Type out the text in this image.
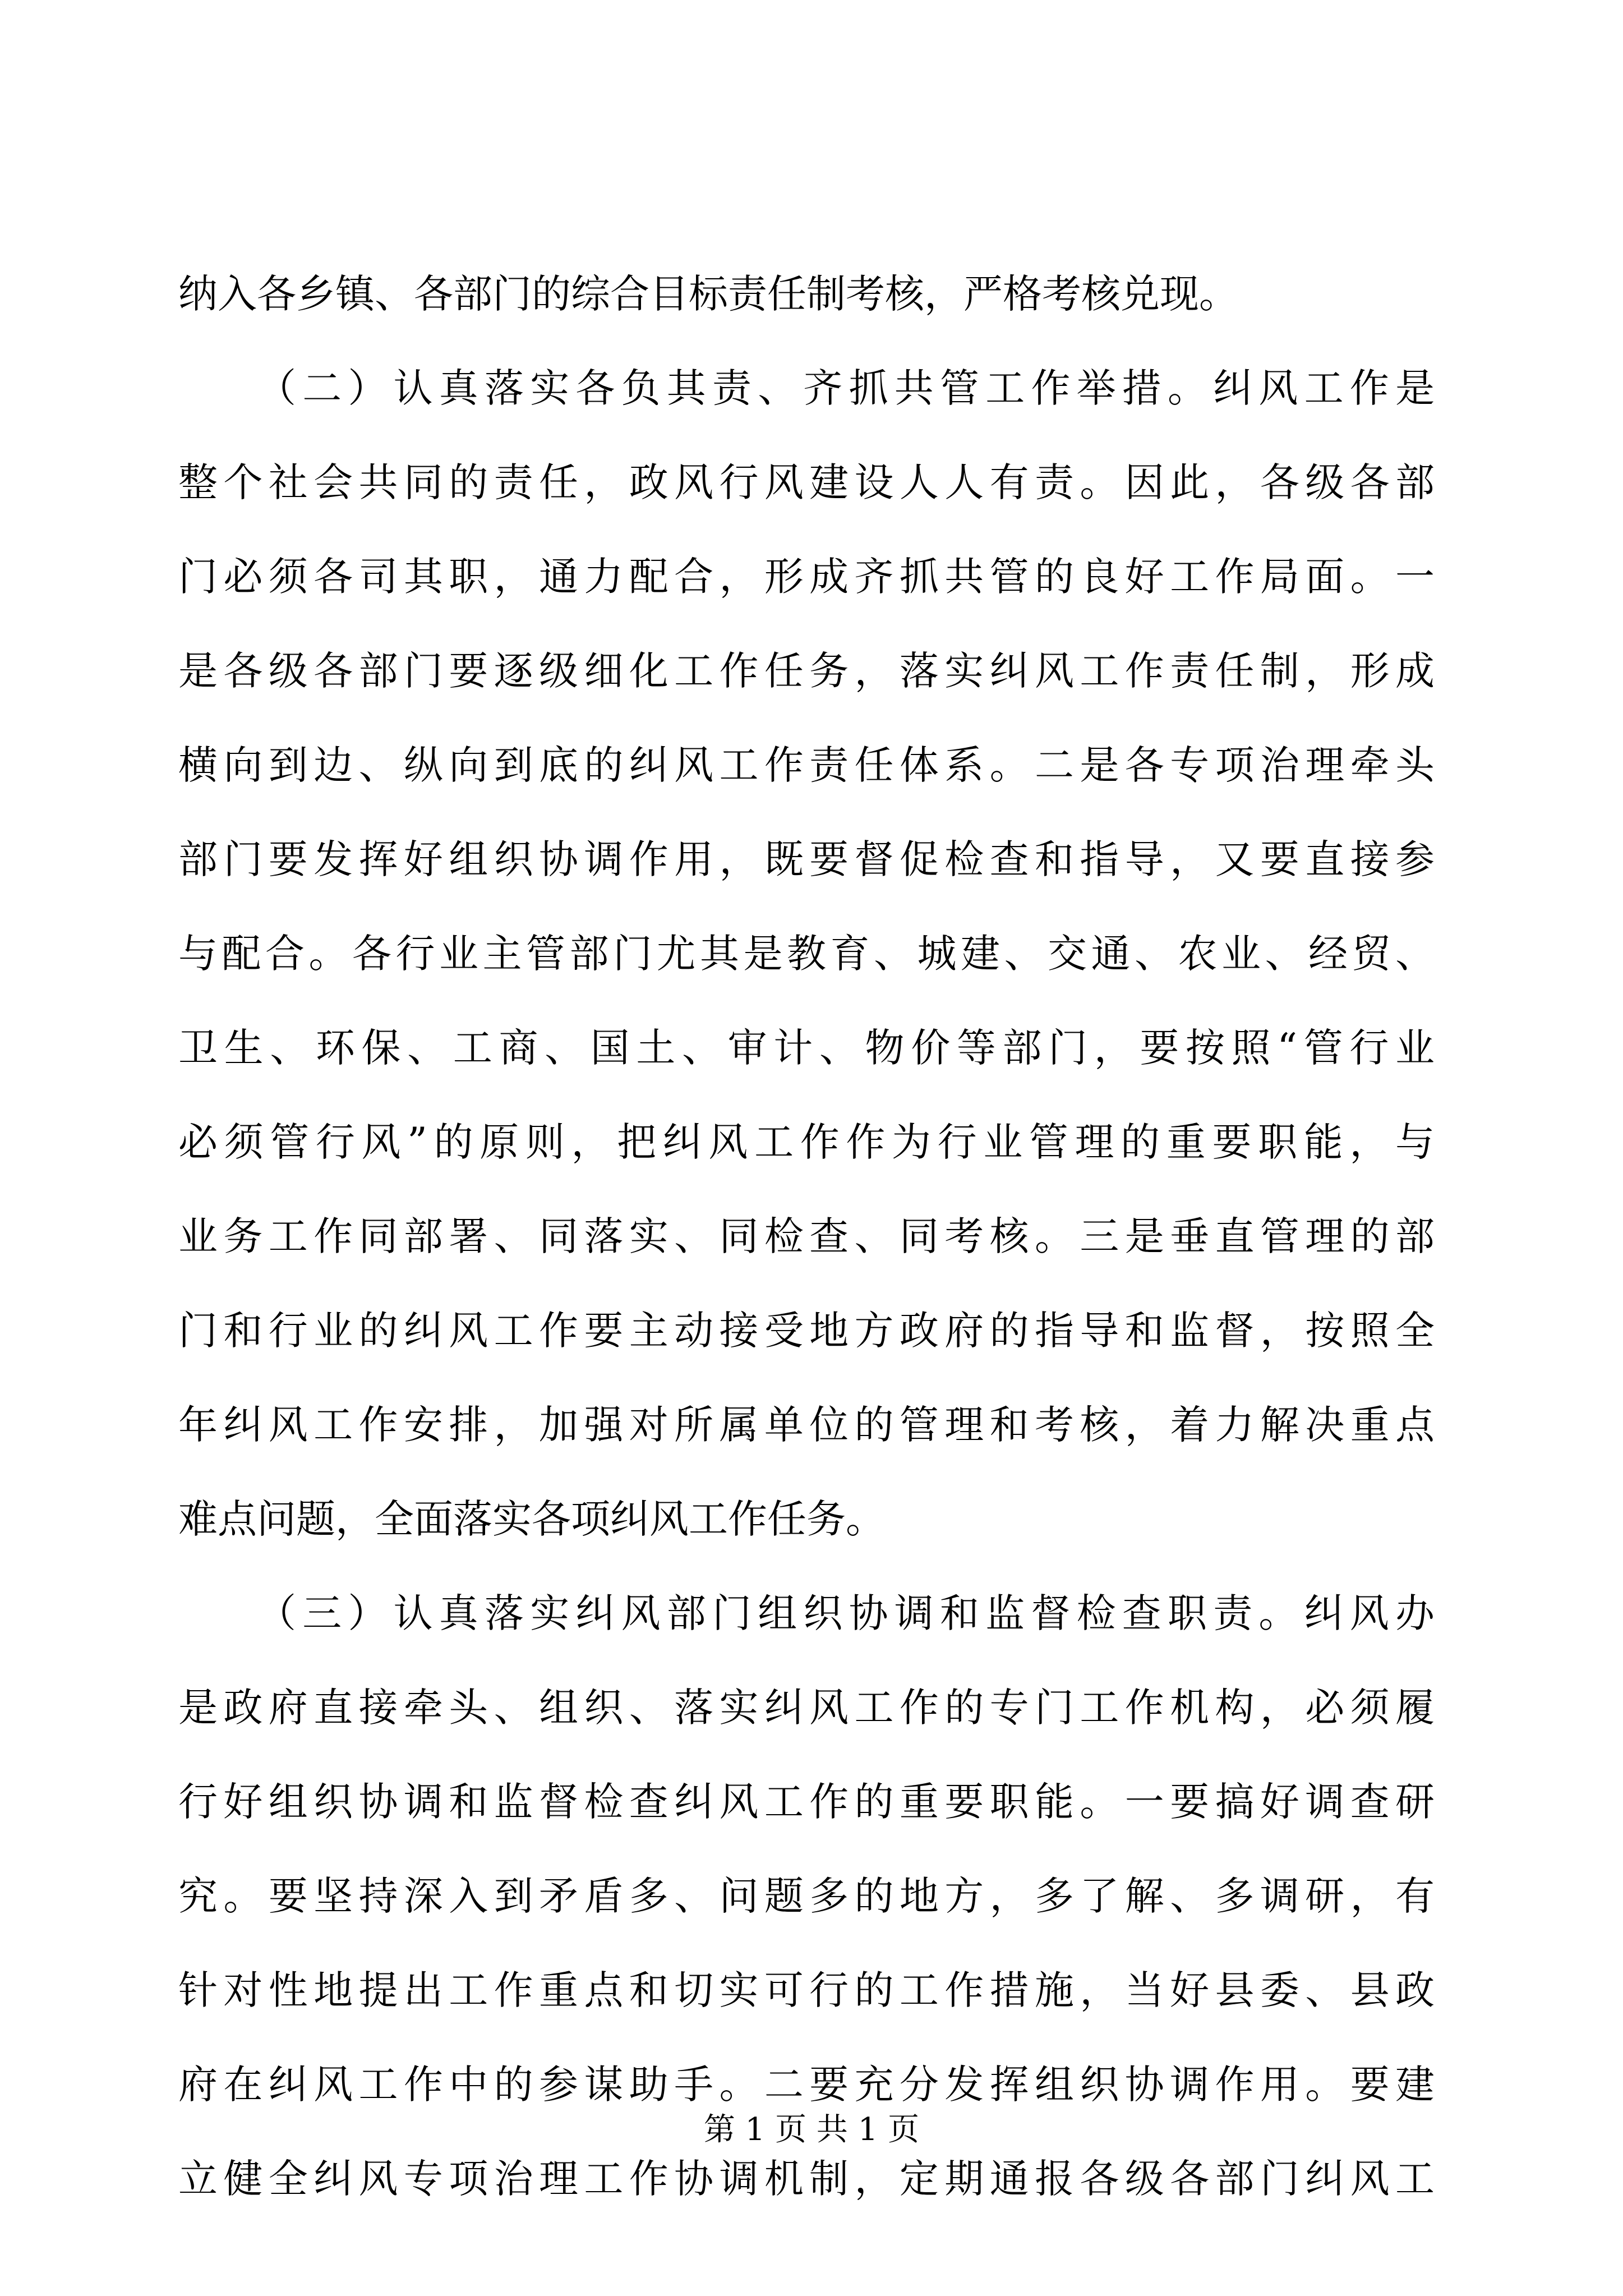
纳入各乡镇、各部门的综合目标责任制考核，严格考核兑现。
（二）认真落实各负其责、齐抓共管工作举措。纠风工作是
整个社会共同的责任，政风行风建设人人有责。因此，各级各部
门必须各司其职，通力配合，形成齐抓共管的良好工作局面。一
是各级各部门要逐级细化工作任务，落实纠风工作责任制，形成
横向到边、纵向到底的纠风工作责任体系。二是各专项治理牵头
部门要发挥好组织协调作用，既要督促检查和指导，又要直接参
与配合。各行业主管部门尤其是教育、城建、交通、农业、经贸、
卫生、环保、工商、国土、审计、物价等部门，要按照“管行业
必须管行风”的原则，把纠风工作作为行业管理的重要职能，与
业务工作同部署、同落实、同检查、同考核。三是垂直管理的部
门和行业的纠风工作要主动接受地方政府的指导和监督，按照全
年纠风工作安排，加强对所属单位的管理和考核，着力解决重点
难点问题，全面落实各项纠风工作任务。
（三）认真落实纠风部门组织协调和监督检查职责。纠风办
是政府直接牵头、组织、落实纠风工作的专门工作机构，必须履
行好组织协调和监督检查纠风工作的重要职能。一要搞好调查研
究。要坚持深入到矛盾多、问题多的地方，多了解、多调研，有
针对性地提出工作重点和切实可行的工作措施，当好县委、县政
府在纠风工作中的参谋助手。二要充分发挥组织协调作用。要建
立健全纠风专项治理工作协调机制，定期通报各级各部门纠风工
第 1 页 共 1 页
